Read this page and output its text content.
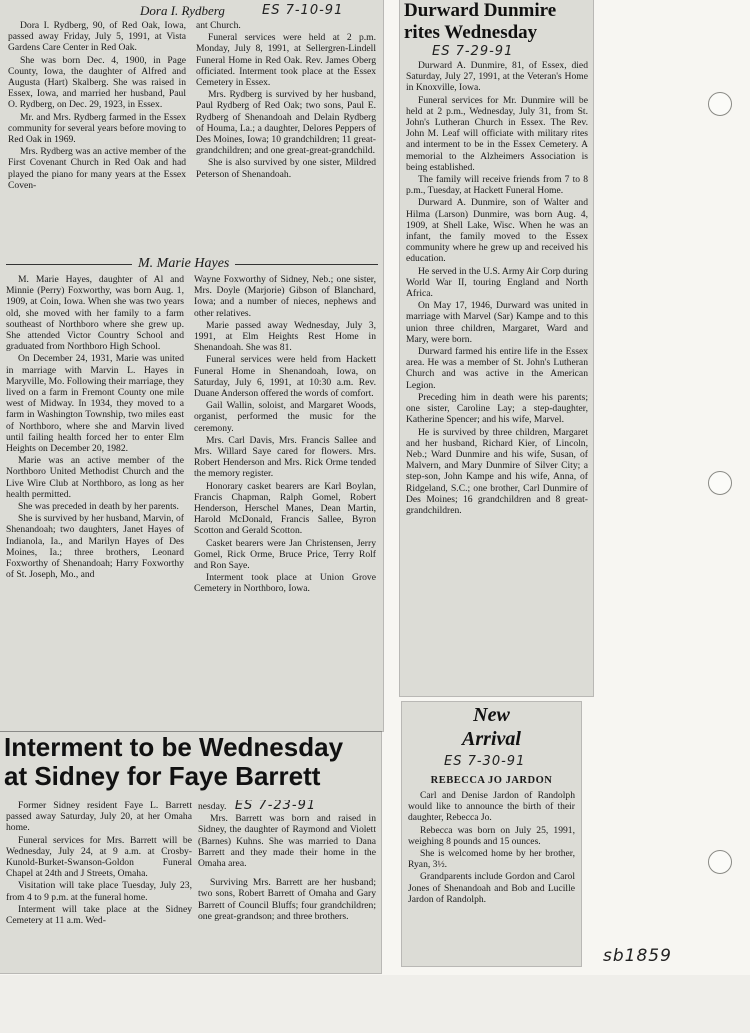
Dora I. Rydberg	ES 7-10-91

Dora I. Rydberg, 90, of Red Oak, Iowa, passed away Friday, July 5, 1991, at Vista Gardens Care Center in Red Oak.

She was born Dec. 4, 1900, in Page County, Iowa, the daughter of Alfred and Augusta (Hart) Skalberg. She was raised in Essex, Iowa, and married her husband, Paul O. Rydberg, on Dec. 29, 1923, in Essex.

Mr. and Mrs. Rydberg farmed in the Essex community for several years before moving to Red Oak in 1969.

Mrs. Rydberg was an active member of the First Covenant Church in Red Oak and had played the piano for many years at the Essex Coven-

ant Church.

Funeral services were held at 2 p.m. Monday, July 8, 1991, at Sellergren-Lindell Funeral Home in Red Oak. Rev. James Oberg officiated. Interment took place at the Essex Cemetery in Essex.

Mrs. Rydberg is survived by her husband, Paul Rydberg of Red Oak; two sons, Paul E. Rydberg of Shenandoah and Delain Rydberg of Houma, La.; a daughter, Delores Peppers of Des Moines, Iowa; 10 grandchildren; 11 great-grandchildren; and one great-great-grandchild.

She is also survived by one sister, Mildred Peterson of Shenandoah.

M. Marie Hayes

M. Marie Hayes, daughter of Al and Minnie (Perry) Foxworthy, was born Aug. 1, 1909, at Coin, Iowa. When she was two years old, she moved with her family to a farm southeast of Northboro where she grew up. She attended Victor Country School and graduated from Northboro High School.

On December 24, 1931, Marie was united in marriage with Marvin L. Hayes in Maryville, Mo. Following their marriage, they lived on a farm in Fremont County one mile west of Midway. In 1934, they moved to a farm in Washington Township, two miles east of Northboro, where she and Marvin lived until failing health forced her to enter Elm Heights on December 20, 1982.

Marie was an active member of the Northboro United Methodist Church and the Live Wire Club at Northboro, as long as her health permitted.

She was preceded in death by her parents.

She is survived by her husband, Marvin, of Shenandoah; two daughters, Janet Hayes of Indianola, Ia., and Marilyn Hayes of Des Moines, Ia.; three brothers, Leonard Foxworthy of Shenandoah; Harry Foxworthy of St. Joseph, Mo., and

Wayne Foxworthy of Sidney, Neb.; one sister, Mrs. Doyle (Marjorie) Gibson of Blanchard, Iowa; and a number of nieces, nephews and other relatives.

Marie passed away Wednesday, July 3, 1991, at Elm Heights Rest Home in Shenandoah. She was 81.

Funeral services were held from Hackett Funeral Home in Shenandoah, Iowa, on Saturday, July 6, 1991, at 10:30 a.m. Rev. Duane Anderson offered the words of comfort.

Gail Wallin, soloist, and Margaret Woods, organist, performed the music for the ceremony.

Mrs. Carl Davis, Mrs. Francis Sallee and Mrs. Willard Saye cared for flowers. Mrs. Robert Henderson and Mrs. Rick Orme tended the memory register.

Honorary casket bearers are Karl Boylan, Francis Chapman, Ralph Gomel, Robert Henderson, Herschel Manes, Dean Martin, Harold McDonald, Francis Sallee, Byron Scotton and Gerald Scotton.

Casket bearers were Jan Christensen, Jerry Gomel, Rick Orme, Bruce Price, Terry Rolf and Ron Saye.

Interment took place at Union Grove Cemetery in Northboro, Iowa.

Interment to be Wednesday
at Sidney for Faye Barrett

Former Sidney resident Faye L. Barrett passed away Saturday, July 20, at her Omaha home.

Funeral services for Mrs. Barrett will be Wednesday, July 24, at 9 a.m. at Crosby-Kunold-Burket-Swanson-Goldon Funeral Chapel at 24th and J Streets, Omaha.

Visitation will take place Tuesday, July 23, from 4 to 9 p.m. at the funeral home.

Interment will take place at the Sidney Cemetery at 11 a.m. Wed-

nesday. ES 7-23-91

Mrs. Barrett was born and raised in Sidney, the daughter of Raymond and Violett (Barnes) Kuhns. She was married to Dana Barrett and they made their home in the Omaha area.

Surviving Mrs. Barrett are her husband; two sons, Robert Barrett of Omaha and Gary Barrett of Council Bluffs; four grandchildren; one great-grandson; and three brothers.

Durward Dunmire
rites Wednesday
ES 7-29-91

Durward A. Dunmire, 81, of Essex, died Saturday, July 27, 1991, at the Veteran's Home in Knoxville, Iowa.

Funeral services for Mr. Dunmire will be held at 2 p.m., Wednesday, July 31, from St. John's Lutheran Church in Essex. The Rev. John M. Leaf will officiate with military rites and interment to be in the Essex Cemetery. A memorial to the Alzheimers Association is being established.

The family will receive friends from 7 to 8 p.m., Tuesday, at Hackett Funeral Home.

Durward A. Dunmire, son of Walter and Hilma (Larson) Dunmire, was born Aug. 4, 1909, at Shell Lake, Wisc. When he was an infant, the family moved to the Essex community where he grew up and received his education.

He served in the U.S. Army Air Corp during World War II, touring England and North Africa.

On May 17, 1946, Durward was united in marriage with Marvel (Sar) Kampe and to this union three children, Margaret, Ward and Mary, were born.

Durward farmed his entire life in the Essex area. He was a member of St. John's Lutheran Church and was active in the American Legion.

Preceding him in death were his parents; one sister, Caroline Lay; a step-daughter, Katherine Spencer; and his wife, Marvel.

He is survived by three children, Margaret and her husband, Richard Kier, of Lincoln, Neb.; Ward Dunmire and his wife, Susan, of Malvern, and Mary Dunmire of Silver City; a step-son, John Kampe and his wife, Anna, of Ridgeland, S.C.; one brother, Carl Dunmire of Des Moines; 16 grandchildren and 8 great-grandchildren.

New
Arrival
ES 7-30-91
REBECCA JO JARDON

Carl and Denise Jardon of Randolph would like to announce the birth of their daughter, Rebecca Jo.

Rebecca was born on July 25, 1991, weighing 8 pounds and 15 ounces.

She is welcomed home by her brother, Ryan, 3½.

Grandparents include Gordon and Carol Jones of Shenandoah and Bob and Lucille Jardon of Randolph.

sb1859
